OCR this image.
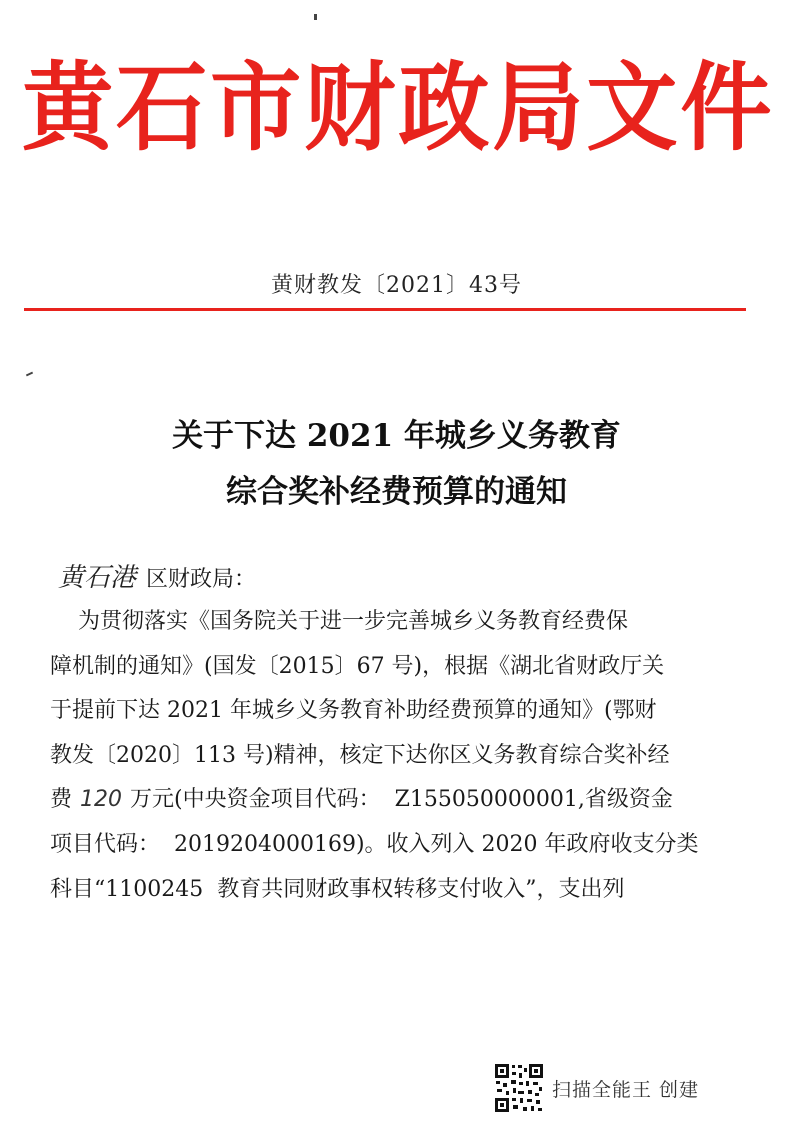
黄石市财政局文件
黄财教发〔2021〕43号
关于下达 2021 年城乡义务教育
综合奖补经费预算的通知
黄石港 区财政局：
为贯彻落实《国务院关于进一步完善城乡义务教育经费保
障机制的通知》(国发〔2015〕67 号)，根据《湖北省财政厅关
于提前下达 2021 年城乡义务教育补助经费预算的通知》(鄂财
教发〔2020〕113 号)精神，核定下达你区义务教育综合奖补经
费 120 万元(中央资金项目代码：  Z155050000001,省级资金
项目代码：  2019204000169)。收入列入 2020 年政府收支分类
科目“1100245  教育共同财政事权转移支付收入”，支出列
扫描全能王 创建
